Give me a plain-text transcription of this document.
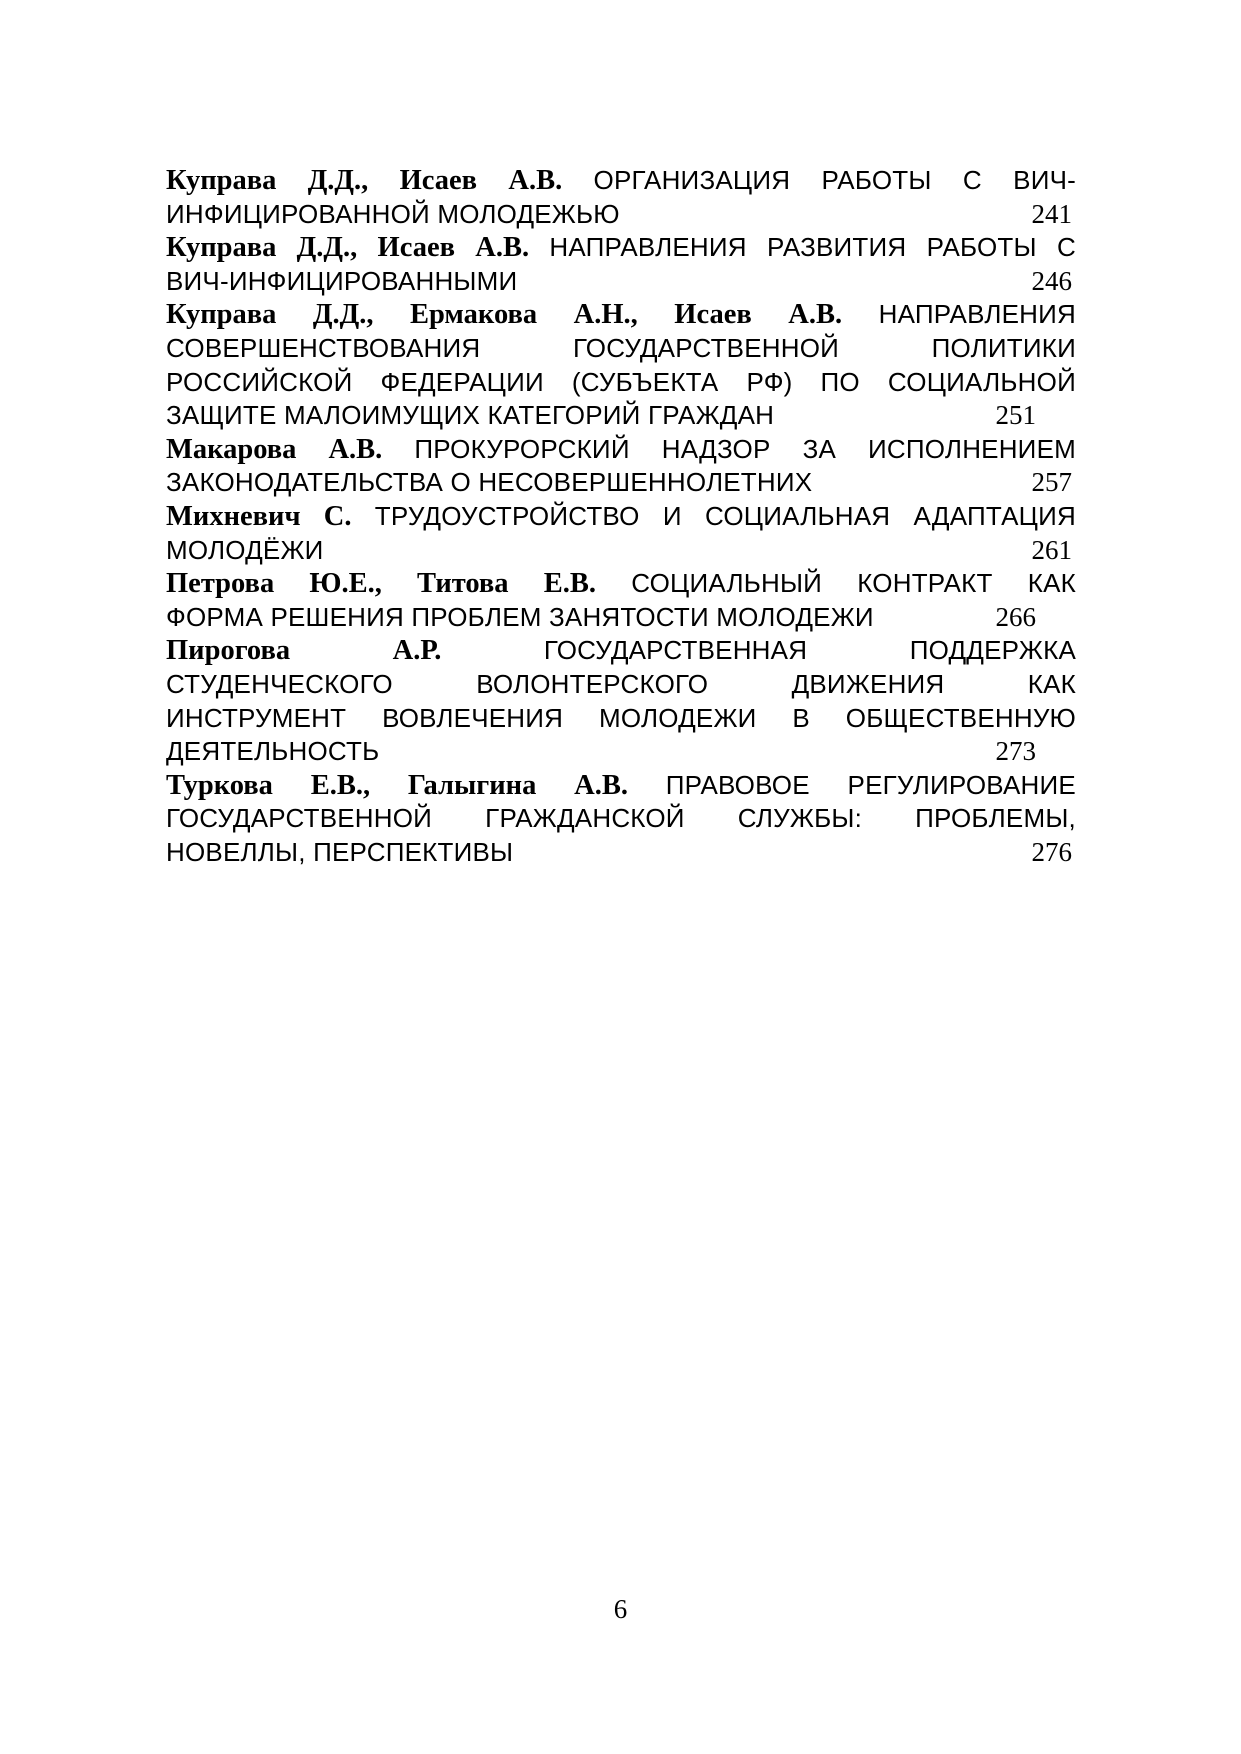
Куправа Д.Д., Исаев А.В. ОРГАНИЗАЦИЯ РАБОТЫ С ВИЧ-
ИНФИЦИРОВАННОЙ МОЛОДЕЖЬЮ	241
Куправа Д.Д., Исаев А.В. НАПРАВЛЕНИЯ РАЗВИТИЯ РАБОТЫ С
ВИЧ-ИНФИЦИРОВАННЫМИ	246
Куправа Д.Д., Ермакова А.Н., Исаев А.В. НАПРАВЛЕНИЯ
СОВЕРШЕНСТВОВАНИЯ	ГОСУДАРСТВЕННОЙ	ПОЛИТИКИ
РОССИЙСКОЙ ФЕДЕРАЦИИ (СУБЪЕКТА РФ) ПО СОЦИАЛЬНОЙ
ЗАЩИТЕ МАЛОИМУЩИХ КАТЕГОРИЙ ГРАЖДАН	251
Макарова А.В. ПРОКУРОРСКИЙ НАДЗОР ЗА ИСПОЛНЕНИЕМ
ЗАКОНОДАТЕЛЬСТВА О НЕСОВЕРШЕННОЛЕТНИХ	257
Михневич С. ТРУДОУСТРОЙСТВО И СОЦИАЛЬНАЯ АДАПТАЦИЯ
МОЛОДЁЖИ	261
Петрова Ю.Е., Титова Е.В. СОЦИАЛЬНЫЙ КОНТРАКТ КАК
ФОРМА РЕШЕНИЯ ПРОБЛЕМ ЗАНЯТОСТИ МОЛОДЕЖИ	266
Пирогова	А.Р.	ГОСУДАРСТВЕННАЯ	ПОДДЕРЖКА
СТУДЕНЧЕСКОГО	ВОЛОНТЕРСКОГО	ДВИЖЕНИЯ	КАК
ИНСТРУМЕНТ ВОВЛЕЧЕНИЯ МОЛОДЕЖИ В ОБЩЕСТВЕННУЮ
ДЕЯТЕЛЬНОСТЬ	273
Туркова Е.В., Галыгина А.В. ПРАВОВОЕ РЕГУЛИРОВАНИЕ
ГОСУДАРСТВЕННОЙ ГРАЖДАНСКОЙ СЛУЖБЫ: ПРОБЛЕМЫ,
НОВЕЛЛЫ, ПЕРСПЕКТИВЫ	276
6
